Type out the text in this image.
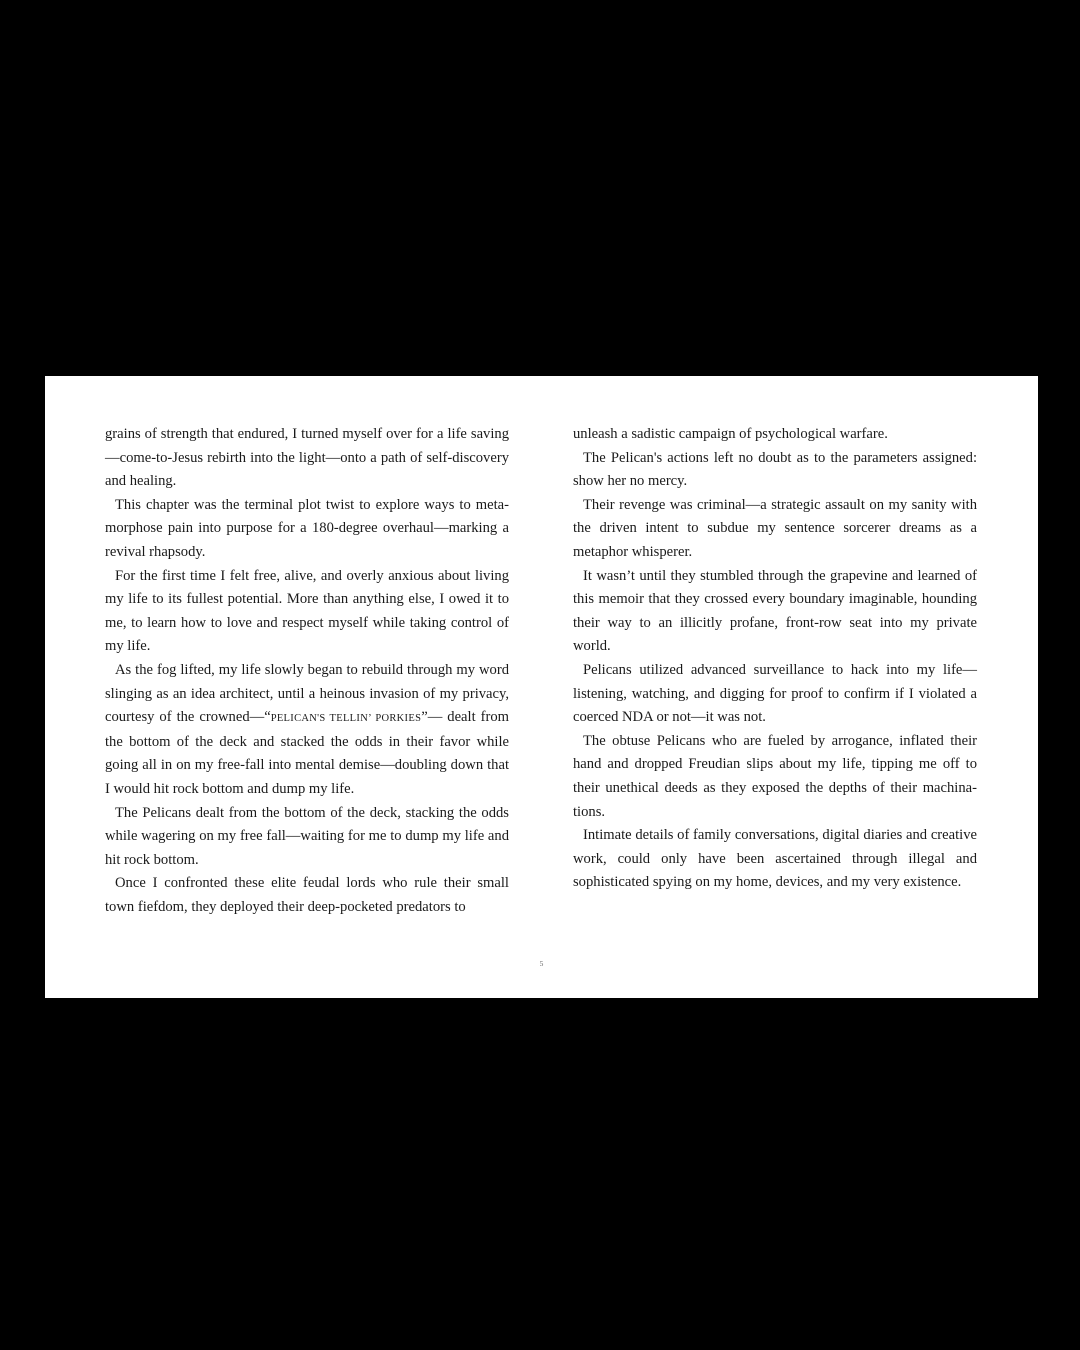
grains of strength that endured, I turned myself over for a life saving—come-to-Jesus rebirth into the light—onto a path of self-discovery and healing.

This chapter was the terminal plot twist to explore ways to metamorphose pain into purpose for a 180-degree overhaul—marking a revival rhapsody.

For the first time I felt free, alive, and overly anxious about living my life to its fullest potential. More than anything else, I owed it to me, to learn how to love and respect myself while taking control of my life.

As the fog lifted, my life slowly began to rebuild through my word slinging as an idea architect, until a heinous invasion of my privacy, courtesy of the crowned—“PELICAN'S TELLIN’ PORKIES”— dealt from the bottom of the deck and stacked the odds in their favor while going all in on my free-fall into mental demise—doubling down that I would hit rock bottom and dump my life.

The Pelicans dealt from the bottom of the deck, stacking the odds while wagering on my free fall—waiting for me to dump my life and hit rock bottom.

Once I confronted these elite feudal lords who rule their small town fiefdom, they deployed their deep-pocketed predators to

unleash a sadistic campaign of psychological warfare.

The Pelican's actions left no doubt as to the parameters assigned: show her no mercy.

Their revenge was criminal—a strategic assault on my sanity with the driven intent to subdue my sentence sorcerer dreams as a metaphor whisperer.

It wasn’t until they stumbled through the grapevine and learned of this memoir that they crossed every boundary imaginable, hounding their way to an illicitly profane, front-row seat into my private world.

Pelicans utilized advanced surveillance to hack into my life— listening, watching, and digging for proof to confirm if I violated a coerced NDA or not—it was not.

The obtuse Pelicans who are fueled by arrogance, inflated their hand and dropped Freudian slips about my life, tipping me off to their unethical deeds as they exposed the depths of their machinations.

Intimate details of family conversations, digital diaries and creative work, could only have been ascertained through illegal and sophisticated spying on my home, devices, and my very existence.

5
